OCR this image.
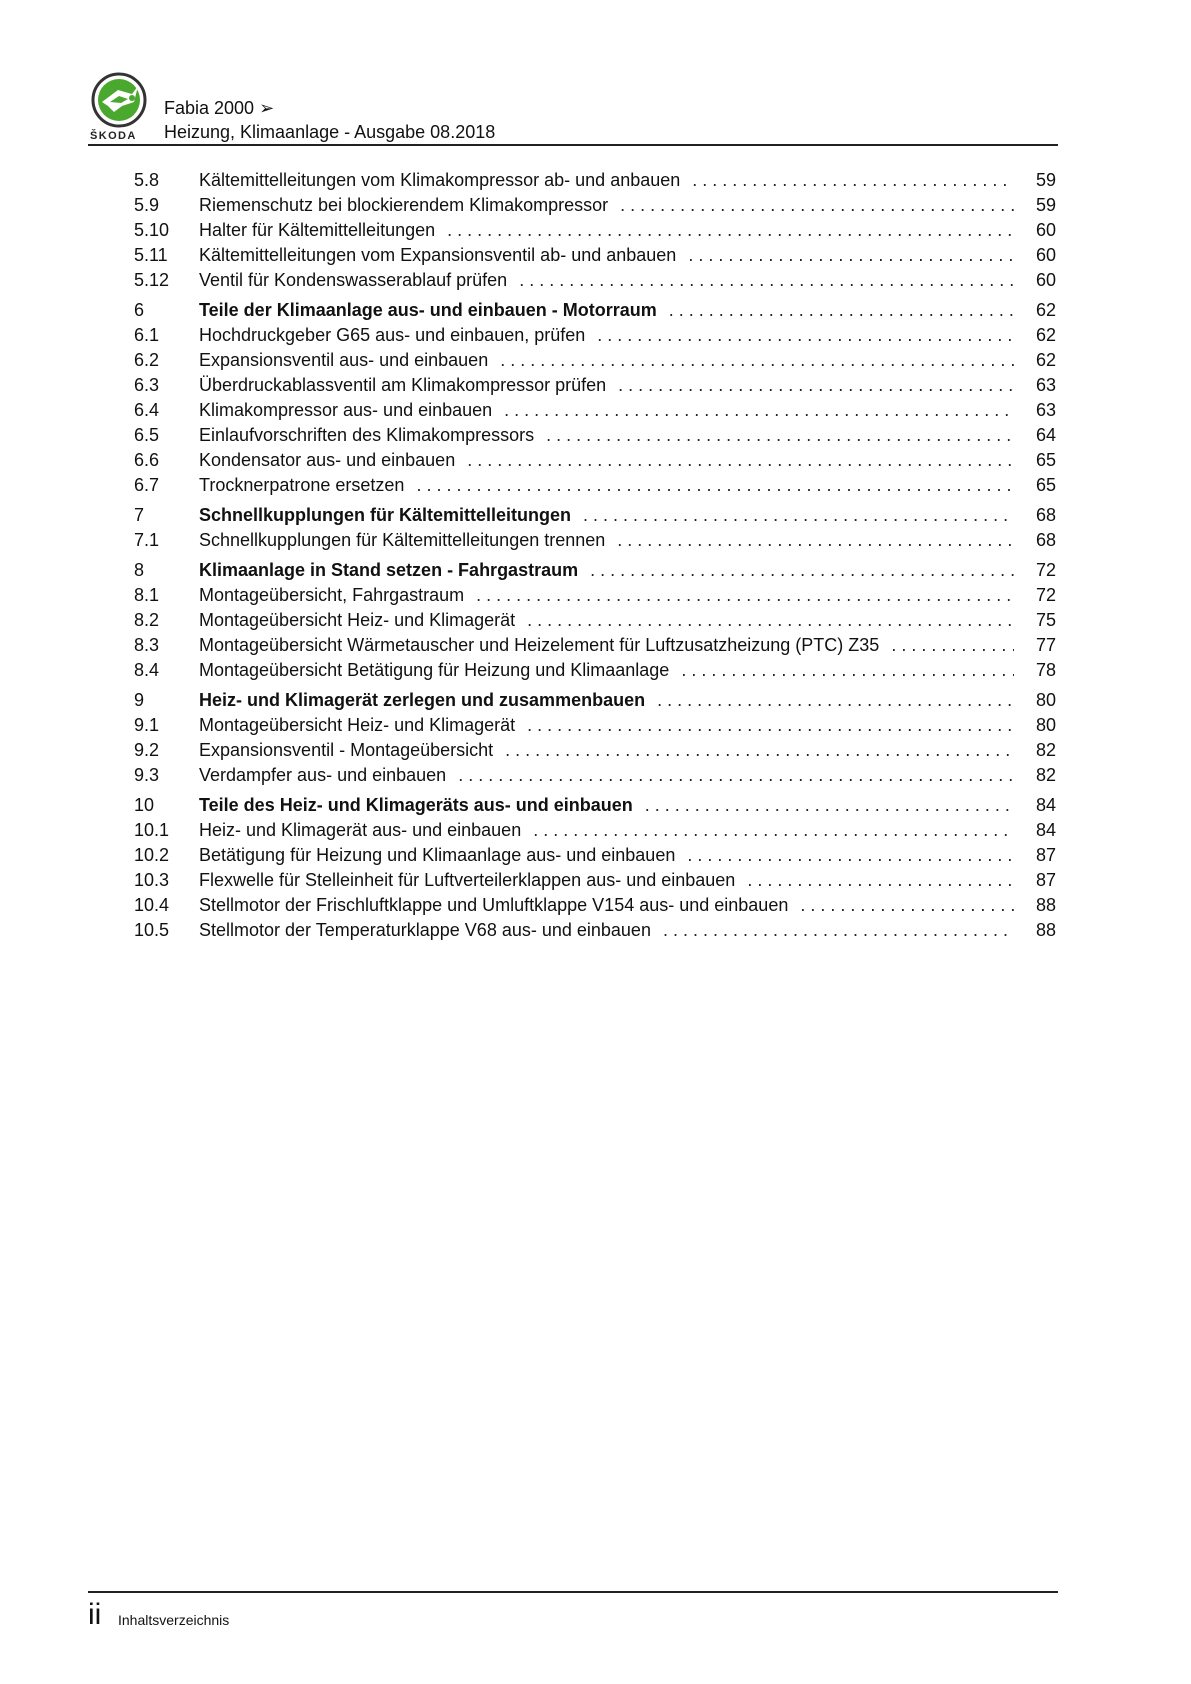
ŠKODA
Fabia 2000 ➢
Heizung, Klimaanlage - Ausgabe 08.2018
5.8	Kältemittelleitungen vom Klimakompressor ab- und anbauen . . .	59
5.9	Riemenschutz bei blockierendem Klimakompressor . . .	59
5.10	Halter für Kältemittelleitungen . . .	60
5.11	Kältemittelleitungen vom Expansionsventil ab- und anbauen . . .	60
5.12	Ventil für Kondenswasserablauf prüfen . . .	60
6	Teile der Klimaanlage aus- und einbauen - Motorraum . . .	62
6.1	Hochdruckgeber G65 aus- und einbauen, prüfen . . .	62
6.2	Expansionsventil aus- und einbauen . . .	62
6.3	Überdruckablassventil am Klimakompressor prüfen . . .	63
6.4	Klimakompressor aus- und einbauen . . .	63
6.5	Einlaufvorschriften des Klimakompressors . . .	64
6.6	Kondensator aus- und einbauen . . .	65
6.7	Trocknerpatrone ersetzen . . .	65
7	Schnellkupplungen für Kältemittelleitungen . . .	68
7.1	Schnellkupplungen für Kältemittelleitungen trennen . . .	68
8	Klimaanlage in Stand setzen - Fahrgastraum . . .	72
8.1	Montageübersicht, Fahrgastraum . . .	72
8.2	Montageübersicht Heiz- und Klimagerät . . .	75
8.3	Montageübersicht Wärmetauscher und Heizelement für Luftzusatzheizung (PTC) Z35 . . .	77
8.4	Montageübersicht Betätigung für Heizung und Klimaanlage . . .	78
9	Heiz- und Klimagerät zerlegen und zusammenbauen . . .	80
9.1	Montageübersicht Heiz- und Klimagerät . . .	80
9.2	Expansionsventil - Montageübersicht . . .	82
9.3	Verdampfer aus- und einbauen . . .	82
10	Teile des Heiz- und Klimageräts aus- und einbauen . . .	84
10.1	Heiz- und Klimagerät aus- und einbauen . . .	84
10.2	Betätigung für Heizung und Klimaanlage aus- und einbauen . . .	87
10.3	Flexwelle für Stelleinheit für Luftverteilerklappen aus- und einbauen . . .	87
10.4	Stellmotor der Frischluftklappe und Umluftklappe V154 aus- und einbauen . . .	88
10.5	Stellmotor der Temperaturklappe V68 aus- und einbauen . . .	88
ii Inhaltsverzeichnis
